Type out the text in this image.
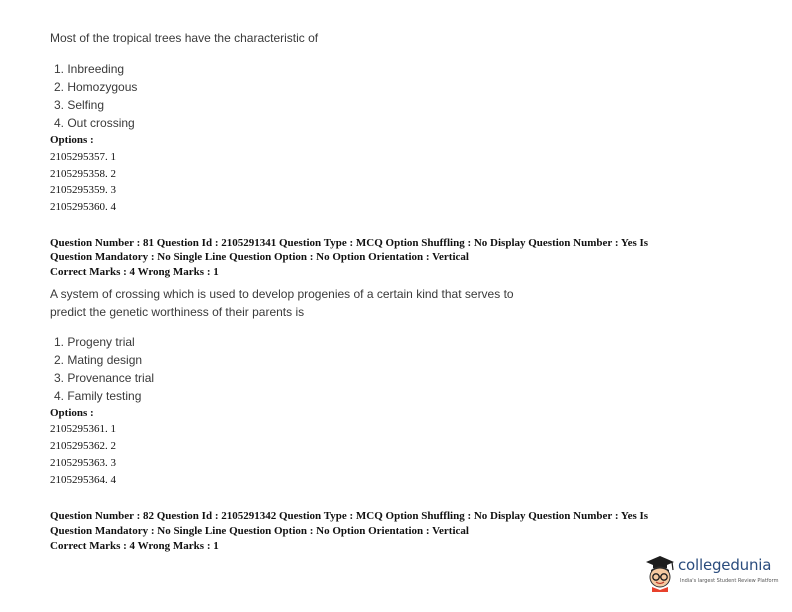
Most of the tropical trees have the characteristic of
1. Inbreeding
2. Homozygous
3. Selfing
4. Out crossing
Options :
2105295357. 1
2105295358. 2
2105295359. 3
2105295360. 4
Question Number : 81 Question Id : 2105291341 Question Type : MCQ Option Shuffling : No Display Question Number : Yes Is
Question Mandatory : No Single Line Question Option : No Option Orientation : Vertical
Correct Marks : 4 Wrong Marks : 1
A system of crossing which is used to develop progenies of a certain kind that serves to
predict the genetic worthiness of their parents is
1. Progeny trial
2. Mating design
3. Provenance trial
4. Family testing
Options :
2105295361. 1
2105295362. 2
2105295363. 3
2105295364. 4
Question Number : 82 Question Id : 2105291342 Question Type : MCQ Option Shuffling : No Display Question Number : Yes Is
Question Mandatory : No Single Line Question Option : No Option Orientation : Vertical
Correct Marks : 4 Wrong Marks : 1
collegedunia
India's largest Student Review Platform
